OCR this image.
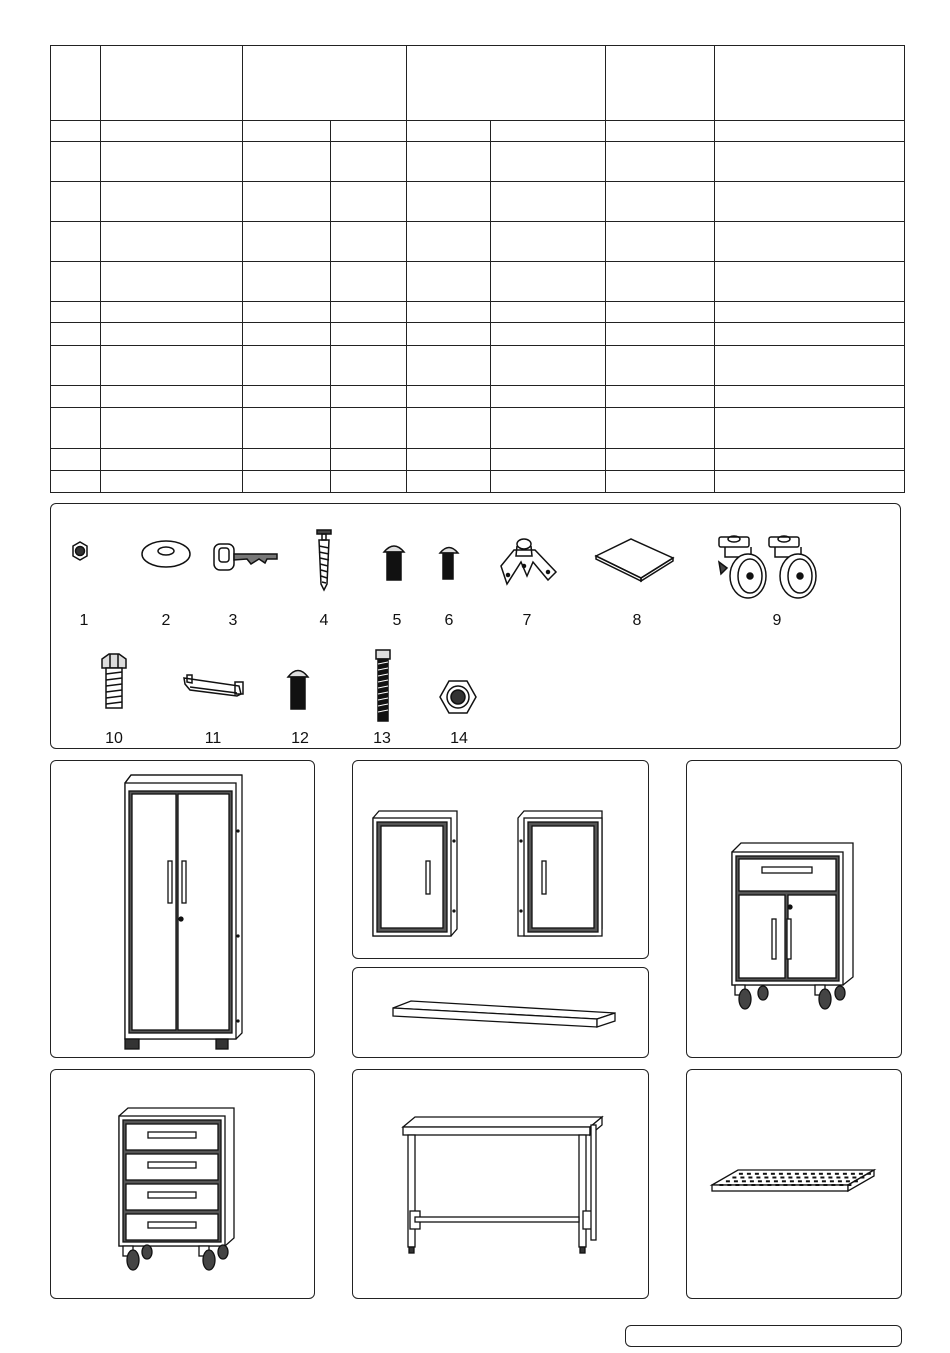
1	2	3	4	5	6	7	8	9
10	11	12	13	14
